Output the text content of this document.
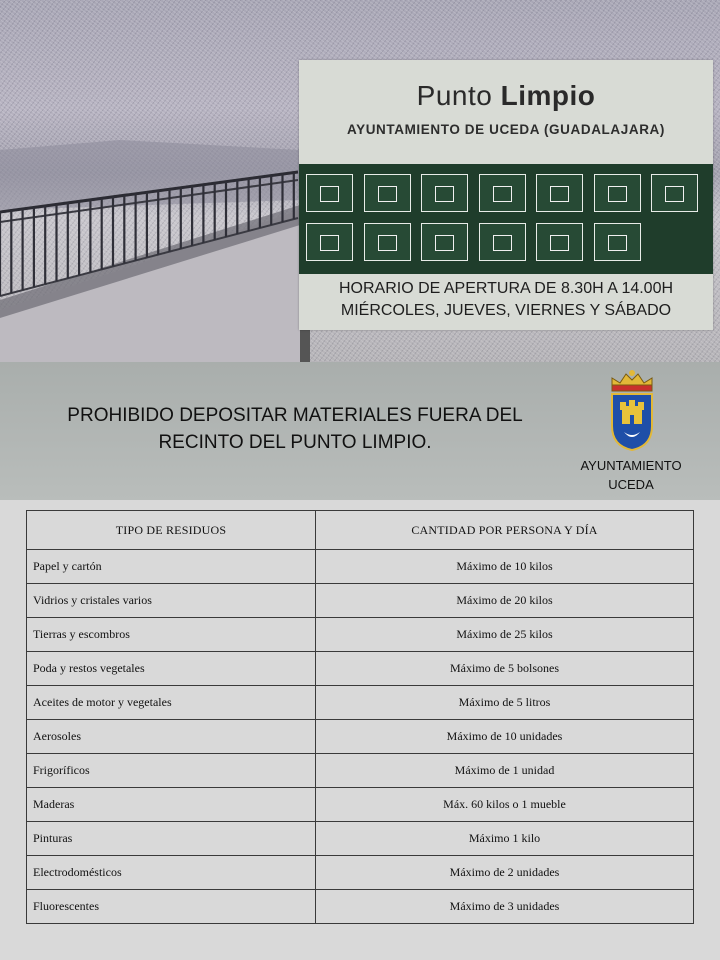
Punto Limpio
AYUNTAMIENTO DE UCEDA (GUADALAJARA)
HORARIO DE APERTURA DE 8.30H A 14.00H
MIÉRCOLES, JUEVES, VIERNES Y SÁBADO
PROHIBIDO DEPOSITAR MATERIALES FUERA DEL
RECINTO DEL PUNTO LIMPIO.
AYUNTAMIENTO
UCEDA
TIPO DE RESIDUOS	CANTIDAD POR PERSONA Y DÍA
Papel y cartón	Máximo de 10 kilos
Vidrios y cristales varios	Máximo de 20 kilos
Tierras y escombros	Máximo de 25 kilos
Poda y restos vegetales	Máximo de 5 bolsones
Aceites de motor y vegetales	Máximo de 5 litros
Aerosoles	Máximo de 10 unidades
Frigoríficos	Máximo de 1 unidad
Maderas	Máx. 60 kilos o 1 mueble
Pinturas	Máximo 1 kilo
Electrodomésticos	Máximo de 2 unidades
Fluorescentes	Máximo de 3 unidades
